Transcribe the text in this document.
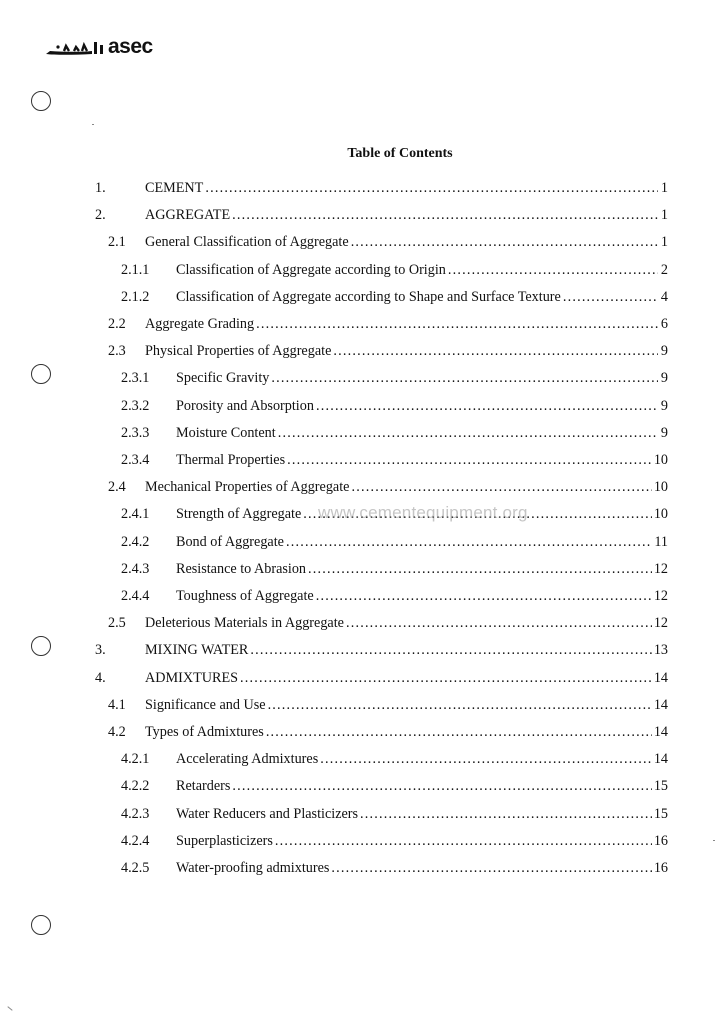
asec
Table of Contents
1.	CEMENT .....	1
2.	AGGREGATE .....	1
2.1 General Classification of Aggregate .....	1
2.1.1 Classification of Aggregate according to Origin .....	2
2.1.2 Classification of Aggregate according to Shape and Surface Texture .....	4
2.2 Aggregate Grading .....	6
2.3 Physical Properties of Aggregate .....	9
2.3.1 Specific Gravity .....	9
2.3.2 Porosity and Absorption .....	9
2.3.3 Moisture Content .....	9
2.3.4 Thermal Properties .....	10
2.4 Mechanical Properties of Aggregate .....	10
2.4.1 Strength of Aggregate .....	10
2.4.2 Bond of Aggregate .....	11
2.4.3 Resistance to Abrasion .....	12
2.4.4 Toughness of Aggregate .....	12
2.5 Deleterious Materials in Aggregate .....	12
3.	MIXING WATER .....	13
4.	ADMIXTURES .....	14
4.1 Significance and Use .....	14
4.2 Types of Admixtures .....	14
4.2.1 Accelerating Admixtures .....	14
4.2.2 Retarders .....	15
4.2.3 Water Reducers and Plasticizers .....	15
4.2.4 Superplasticizers .....	16
4.2.5 Water-proofing admixtures .....	16
www.cementequipment.org
